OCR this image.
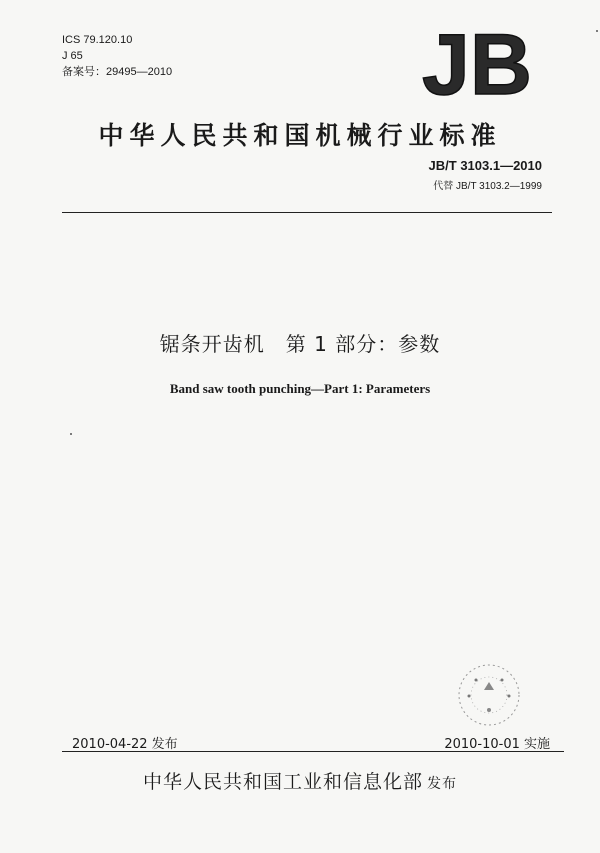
ICS 79.120.10
J 65
备案号：29495—2010	JB
中华人民共和国机械行业标准
JB/T 3103.1—2010
代替 JB/T 3103.2—1999
锯条开齿机　第 1 部分：参数
Band saw tooth punching—Part 1: Parameters
2010-04-22 发布	2010-10-01 实施
中华人民共和国工业和信息化部 发布
